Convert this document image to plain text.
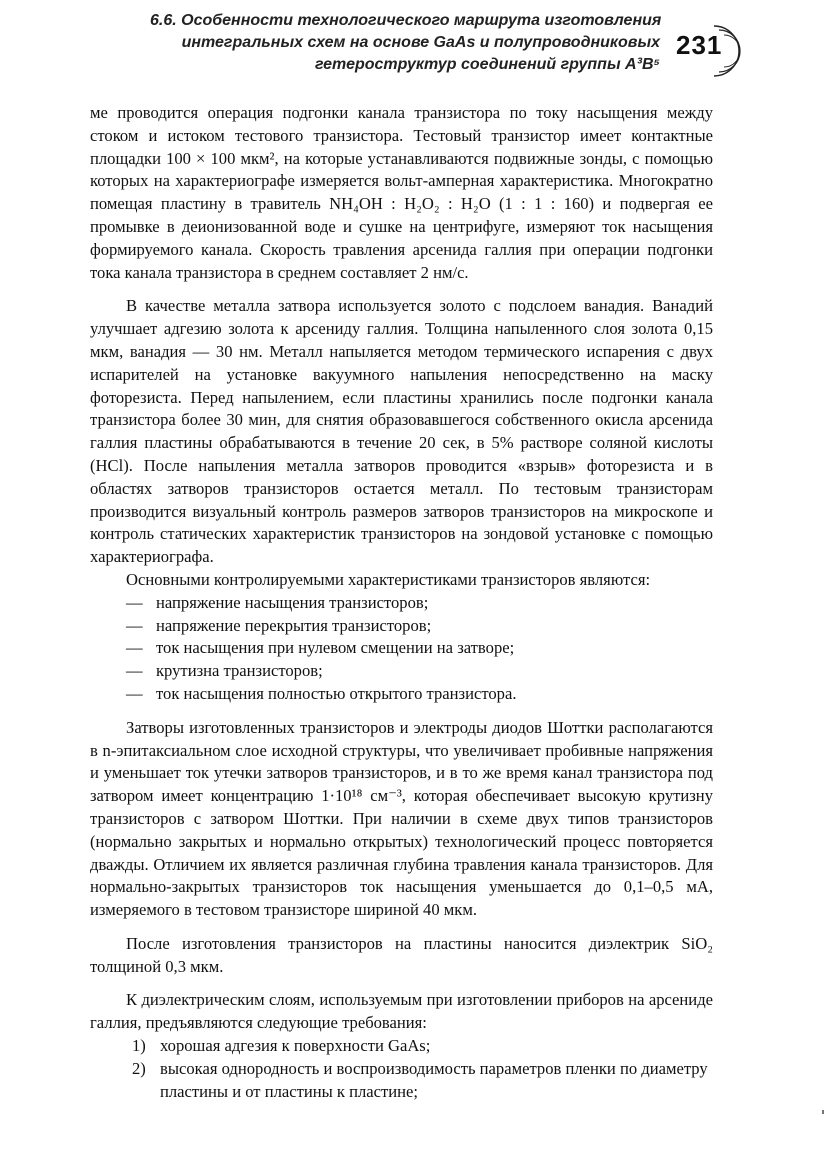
6.6. Особенности технологического маршрута изготовления
интегральных схем на основе GaAs и полупроводниковых
гетероструктур соединений группы A³B⁵
231

ме проводится операция подгонки канала транзистора по току насыщения между стоком и истоком тестового транзистора. Тестовый транзистор имеет контактные площадки 100 × 100 мкм², на которые устанавливаются подвижные зонды, с помощью которых на характериографе измеряется вольт-амперная характеристика. Многократно помещая пластину в травитель NH₄OH : H₂O₂ : H₂O (1 : 1 : 160) и подвергая ее промывке в деионизованной воде и сушке на центрифуге, измеряют ток насыщения формируемого канала. Скорость травления арсенида галлия при операции подгонки тока канала транзистора в среднем составляет 2 нм/с.

В качестве металла затвора используется золото с подслоем ванадия. Ванадий улучшает адгезию золота к арсениду галлия. Толщина напыленного слоя золота 0,15 мкм, ванадия — 30 нм. Металл напыляется методом термического испарения с двух испарителей на установке вакуумного напыления непосредственно на маску фоторезиста. Перед напылением, если пластины хранились после подгонки канала транзистора более 30 мин, для снятия образовавшегося собственного окисла арсенида галлия пластины обрабатываются в течение 20 сек, в 5% растворе соляной кислоты (HCl). После напыления металла затворов проводится «взрыв» фоторезиста и в областях затворов транзисторов остается металл. По тестовым транзисторам производится визуальный контроль размеров затворов транзисторов на микроскопе и контроль статических характеристик транзисторов на зондовой установке с помощью характериографа.

Основными контролируемыми характеристиками транзисторов являются:

— напряжение насыщения транзисторов;
— напряжение перекрытия транзисторов;
— ток насыщения при нулевом смещении на затворе;
— крутизна транзисторов;
— ток насыщения полностью открытого транзистора.

Затворы изготовленных транзисторов и электроды диодов Шоттки располагаются в n-эпитаксиальном слое исходной структуры, что увеличивает пробивные напряжения и уменьшает ток утечки затворов транзисторов, и в то же время канал транзистора под затвором имеет концентрацию 1·10¹⁸ см⁻³, которая обеспечивает высокую крутизну транзисторов с затвором Шоттки. При наличии в схеме двух типов транзисторов (нормально закрытых и нормально открытых) технологический процесс повторяется дважды. Отличием их является различная глубина травления канала транзисторов. Для нормально-закрытых транзисторов ток насыщения уменьшается до 0,1–0,5 мА, измеряемого в тестовом транзисторе шириной 40 мкм.

После изготовления транзисторов на пластины наносится диэлектрик SiO₂ толщиной 0,3 мкм.

К диэлектрическим слоям, используемым при изготовлении приборов на арсениде галлия, предъявляются следующие требования:

1) хорошая адгезия к поверхности GaAs;
2) высокая однородность и воспроизводимость параметров пленки по диаметру пластины и от пластины к пластине;
